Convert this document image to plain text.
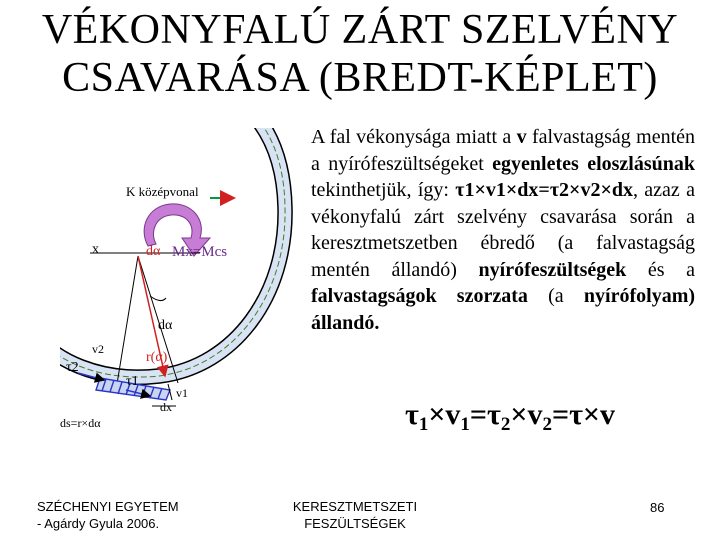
VÉKONYFALÚ ZÁRT SZELVÉNY
CSAVARÁSA (BREDT-KÉPLET)
K középvonal
x	dα Mx=Mcs
dα
v2
r(α)
τ2
τ1
v1
dx
ds=r×dα
A fal vékonysága miatt a v falvastagság mentén a nyírófeszültségeket egyenletes eloszlásúnak tekinthetjük, így: τ1×v1×dx=τ2×v2×dx, azaz a vékonyfalú zárt szelvény csavarása során a keresztmetszetben ébredő (a falvastagság mentén állandó) nyírófeszültségek és a falvastagságok szorzata (a nyírófolyam) állandó.
$\tau_1\times v_1=\tau_2\times v_2=\tau\times v$
SZÉCHENYI EGYETEM
- Agárdy Gyula 2006.
KERESZTMETSZETI
FESZÜLTSÉGEK
86
